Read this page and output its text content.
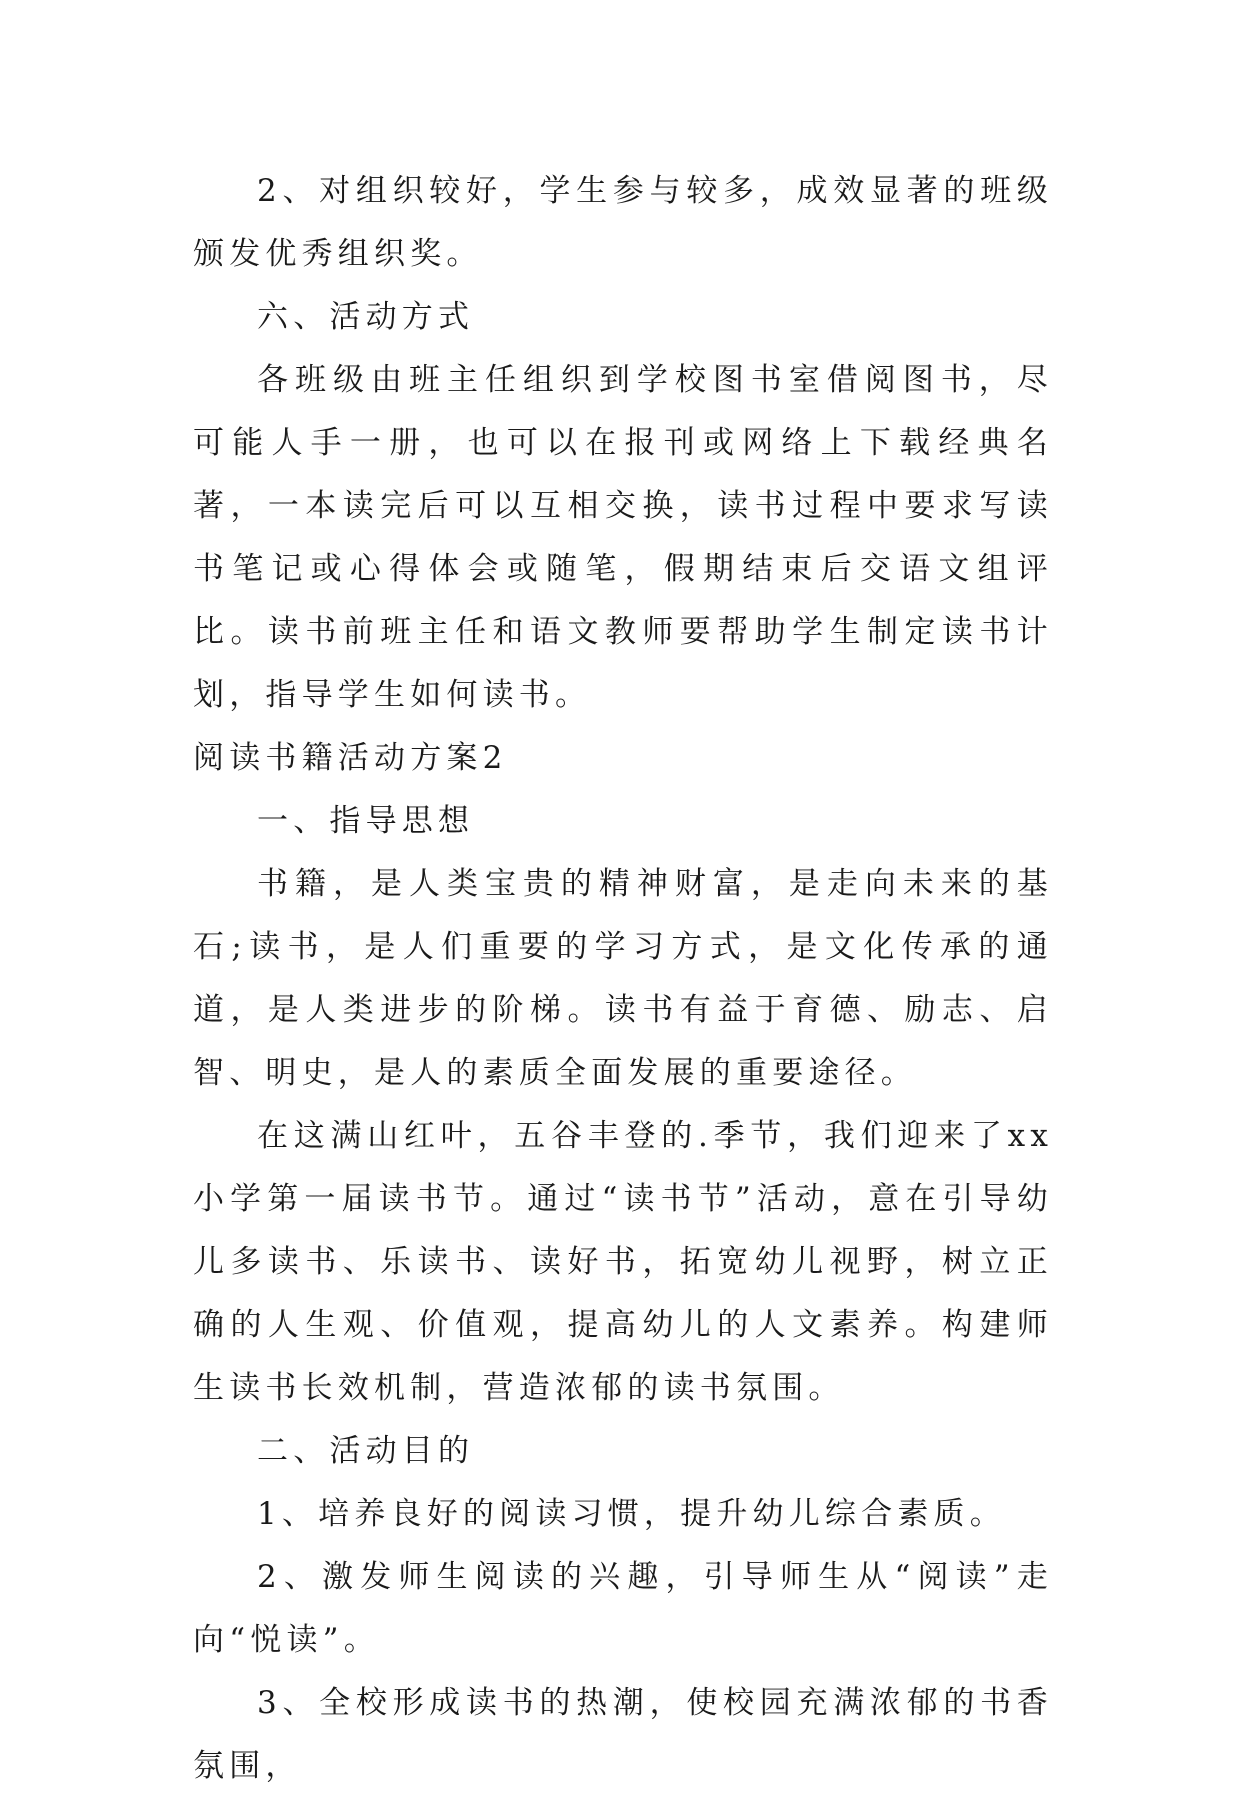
2、对组织较好，学生参与较多，成效显著的班级颁发优秀组织奖。

六、活动方式

各班级由班主任组织到学校图书室借阅图书，尽可能人手一册，也可以在报刊或网络上下载经典名著，一本读完后可以互相交换，读书过程中要求写读书笔记或心得体会或随笔，假期结束后交语文组评比。读书前班主任和语文教师要帮助学生制定读书计划，指导学生如何读书。

阅读书籍活动方案2

一、指导思想

书籍，是人类宝贵的精神财富，是走向未来的基石;读书，是人们重要的学习方式，是文化传承的通道，是人类进步的阶梯。读书有益于育德、励志、启智、明史，是人的素质全面发展的重要途径。

在这满山红叶，五谷丰登的.季节，我们迎来了xx小学第一届读书节。通过“读书节”活动，意在引导幼儿多读书、乐读书、读好书，拓宽幼儿视野，树立正确的人生观、价值观，提高幼儿的人文素养。构建师生读书长效机制，营造浓郁的读书氛围。

二、活动目的

1、培养良好的阅读习惯，提升幼儿综合素质。

2、激发师生阅读的兴趣，引导师生从“阅读”走向“悦读”。

3、全校形成读书的热潮，使校园充满浓郁的书香氛围，
